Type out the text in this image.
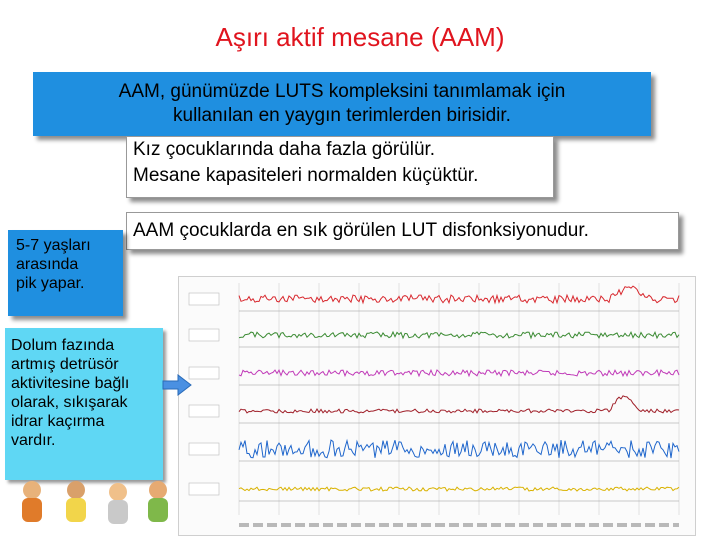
Aşırı aktif mesane (AAM)
AAM, günümüzde LUTS kompleksini tanımlamak için
kullanılan en yaygın terimlerden birisidir.
Kız çocuklarında daha fazla görülür.
Mesane kapasiteleri normalden küçüktür.
AAM çocuklarda en sık görülen LUT disfonksiyonudur.
5-7 yaşları
arasında
pik yapar.
Dolum fazında
artmış detrüsör
aktivitesine bağlı
olarak, sıkışarak
idrar kaçırma
vardır.
